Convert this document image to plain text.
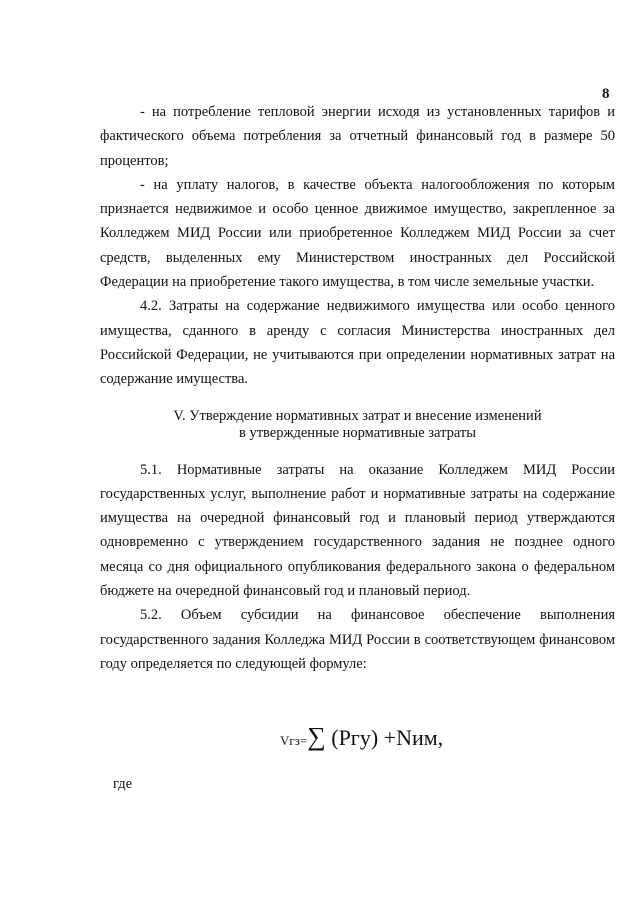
8

- на потребление тепловой энергии исходя из установленных тарифов и фактического объема потребления за отчетный финансовый год в размере 50 процентов;

- на уплату налогов, в качестве объекта налогообложения по которым признается недвижимое и особо ценное движимое имущество, закрепленное за Колледжем МИД России или приобретенное Колледжем МИД России за счет средств, выделенных ему Министерством иностранных дел Российской Федерации на приобретение такого имущества, в том числе земельные участки.

4.2. Затраты на содержание недвижимого имущества или особо ценного имущества, сданного в аренду с согласия Министерства иностранных дел Российской Федерации, не учитываются при определении нормативных затрат на содержание имущества.

V. Утверждение нормативных затрат и внесение изменений
в утвержденные нормативные затраты

5.1. Нормативные затраты на оказание Колледжем МИД России государственных услуг, выполнение работ и нормативные затраты на содержание имущества на очередной финансовый год и плановый период утверждаются одновременно с утверждением государственного задания не позднее одного месяца со дня официального опубликования федерального закона о федеральном бюджете на очередной финансовый год и плановый период.

5.2. Объем субсидии на финансовое обеспечение выполнения государственного задания Колледжа МИД России в соответствующем финансовом году определяется по следующей формуле:

Vгз=∑ (Pгу) +Nим,
где
